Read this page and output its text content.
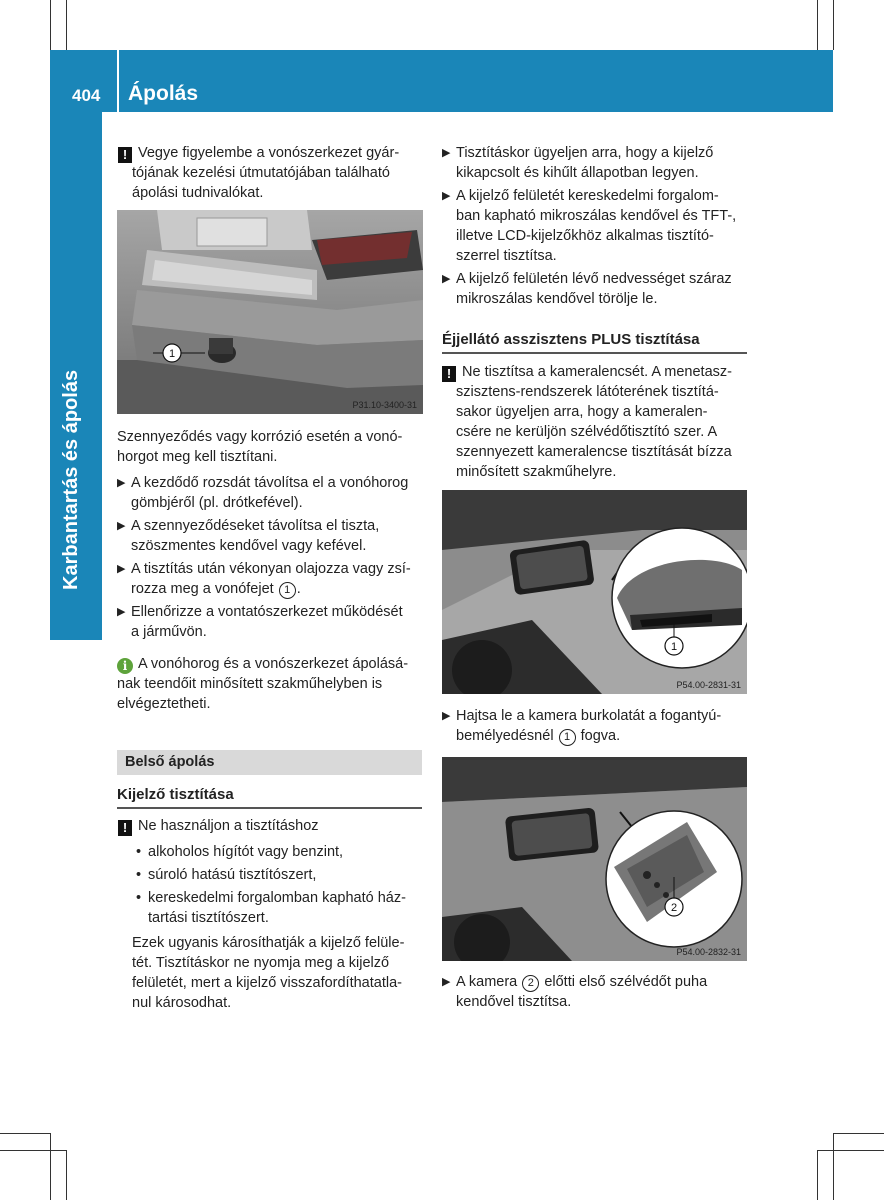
404 Ápolás
Karbantartás és ápolás

! Vegye figyelembe a vonószerkezet gyár-

tójának kezelési útmutatójában található

ápolási tudnivalókat.

1
P31.10-3400-31

Szennyeződés vagy korrózió esetén a vonó-

horgot meg kell tisztítani.

▶ A kezdődő rozsdát távolítsa el a vonóhorog

gömbjéről (pl. drótkefével).

▶ A szennyeződéseket távolítsa el tiszta,

szöszmentes kendővel vagy kefével.

▶ A tisztítás után vékonyan olajozza vagy zsí-

rozza meg a vonófejet 1 .

▶ Ellenőrizze a vontatószerkezet működését

a járművön.

i A vonóhorog és a vonószerkezet ápolásá-

nak teendőit minősített szakműhelyben is

elvégeztetheti.

Belső ápolás
Kijelző tisztítása

! Ne használjon a tisztításhoz

• alkoholos hígítót vagy benzint,

• súroló hatású tisztítószert,

• kereskedelmi forgalomban kapható ház-

tartási tisztítószert.

Ezek ugyanis károsíthatják a kijelző felüle-

tét. Tisztításkor ne nyomja meg a kijelző

felületét, mert a kijelző visszafordíthatatla-

nul károsodhat.

▶ Tisztításkor ügyeljen arra, hogy a kijelző

kikapcsolt és kihűlt állapotban legyen.

▶ A kijelző felületét kereskedelmi forgalom-

ban kapható mikroszálas kendővel és TFT-,

illetve LCD-kijelzőkhöz alkalmas tisztító-

szerrel tisztítsa.

▶ A kijelző felületén lévő nedvességet száraz

mikroszálas kendővel törölje le.

Éjjellátó asszisztens PLUS tisztítása

! Ne tisztítsa a kameralencsét. A menetasz-

szisztens-rendszerek látóterének tisztítá-

sakor ügyeljen arra, hogy a kameralen-

csére ne kerüljön szélvédőtisztító szer. A

szennyezett kameralencse tisztítását bízza

minősített szakműhelyre.

1
P54.00-2831-31
▶ Hajtsa le a kamera burkolatát a fogantyú-

bemélyedésnél 1 fogva.

2
P54.00-2832-31
▶ A kamera 2 előtti első szélvédőt puha

kendővel tisztítsa.
